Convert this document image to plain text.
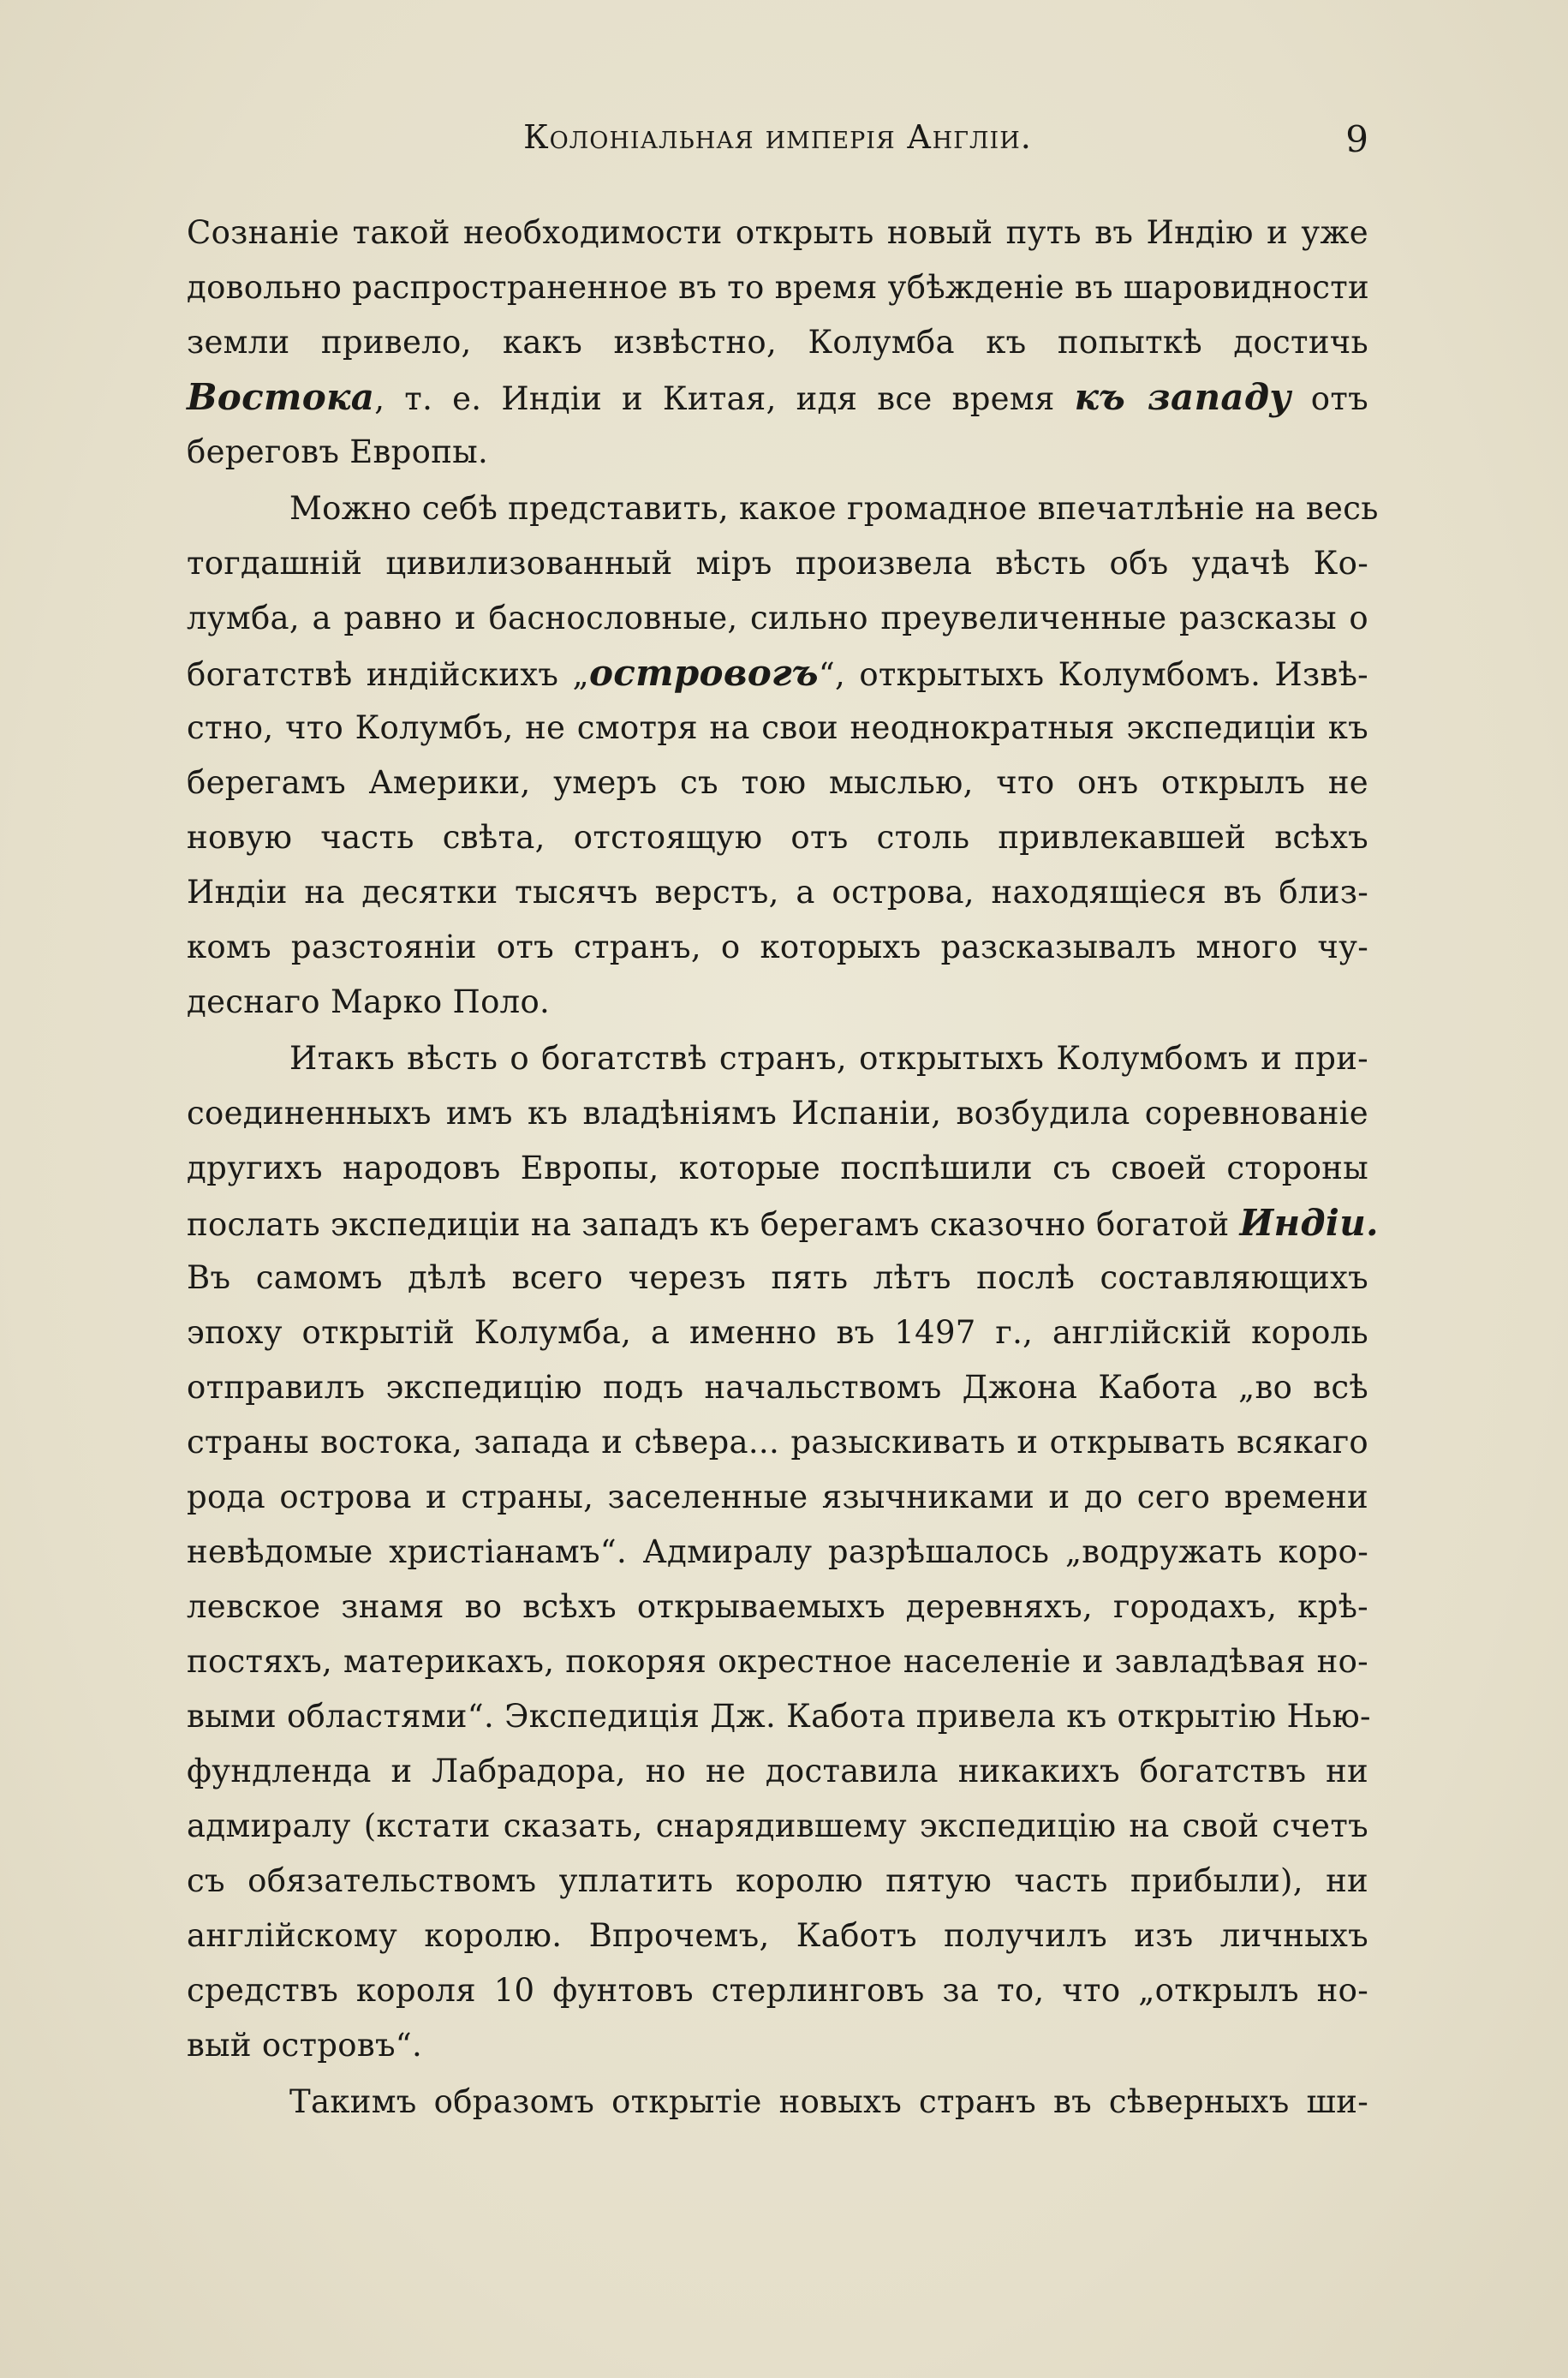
Колоніальная имперія Англіи.	9
Сознаніе такой необходимости открыть новый путь въ Индію и уже
довольно распространенное въ то время убѣжденіе въ шаровидности
земли привело, какъ извѣстно, Колумба къ попыткѣ достичь
Востока, т. е. Индіи и Китая, идя все время къ западу отъ
береговъ Европы.
Можно себѣ представить, какое громадное впечатлѣніе на весь
тогдашній цивилизованный міръ произвела вѣсть объ удачѣ Ко-
лумба, а равно и баснословные, сильно преувеличенные разсказы о
богатствѣ индійскихъ „островогъ“, открытыхъ Колумбомъ. Извѣ-
стно, что Колумбъ, не смотря на свои неоднократныя экспедиціи къ
берегамъ Америки, умеръ съ тою мыслью, что онъ открылъ не
новую часть свѣта, отстоящую отъ столь привлекавшей всѣхъ
Индіи на десятки тысячъ верстъ, а острова, находящіеся въ близ-
комъ разстояніи отъ странъ, о которыхъ разсказывалъ много чу-
деснаго Марко Поло.
Итакъ вѣсть о богатствѣ странъ, открытыхъ Колумбомъ и при-
соединенныхъ имъ къ владѣніямъ Испаніи, возбудила соревнованіе
другихъ народовъ Европы, которые поспѣшили съ своей стороны
послать экспедиціи на западъ къ берегамъ сказочно богатой Индіи.
Въ самомъ дѣлѣ всего черезъ пять лѣтъ послѣ составляющихъ
эпоху открытій Колумба, а именно въ 1497 г., англійскій король
отправилъ экспедицію подъ начальствомъ Джона Кабота „во всѣ
страны востока, запада и сѣвера... разыскивать и открывать всякаго
рода острова и страны, заселенные язычниками и до сего времени
невѣдомые христіанамъ“. Адмиралу разрѣшалось „водружать коро-
левское знамя во всѣхъ открываемыхъ деревняхъ, городахъ, крѣ-
постяхъ, материкахъ, покоряя окрестное населеніе и завладѣвая но-
выми областями“. Экспедиція Дж. Кабота привела къ открытію Нью-
фундленда и Лабрадора, но не доставила никакихъ богатствъ ни
адмиралу (кстати сказать, снарядившему экспедицію на свой счетъ
съ обязательствомъ уплатить королю пятую часть прибыли), ни
англійскому королю. Впрочемъ, Каботъ получилъ изъ личныхъ
средствъ короля 10 фунтовъ стерлинговъ за то, что „открылъ но-
вый островъ“.
Такимъ образомъ открытіе новыхъ странъ въ сѣверныхъ ши-
